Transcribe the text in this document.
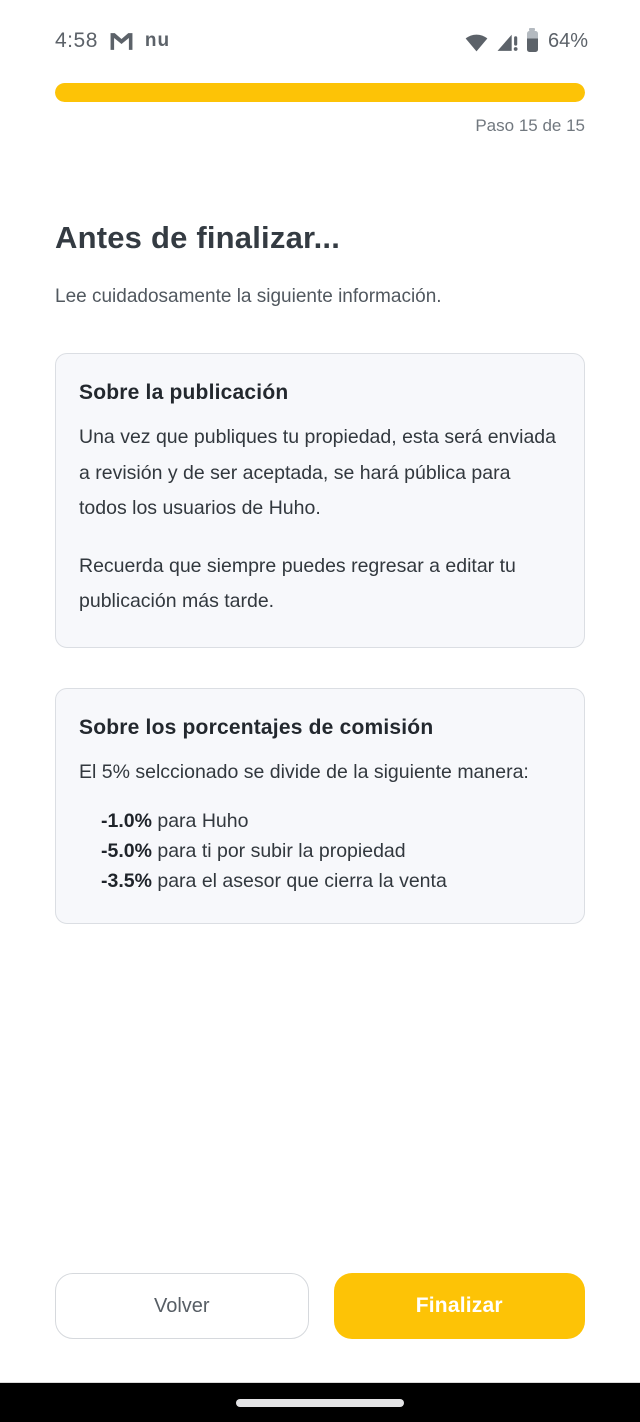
4:58 nu	64%
Paso 15 de 15
Antes de finalizar...

Lee cuidadosamente la siguiente información.

Sobre la publicación

Una vez que publiques tu propiedad, esta será enviada a revisión y de ser aceptada, se hará pública para todos los usuarios de Huho.

Recuerda que siempre puedes regresar a editar tu publicación más tarde.

Sobre los porcentajes de comisión

El 5% selccionado se divide de la siguiente manera:

-1.0% para Huho
-5.0% para ti por subir la propiedad
-3.5% para el asesor que cierra la venta
Volver	Finalizar
